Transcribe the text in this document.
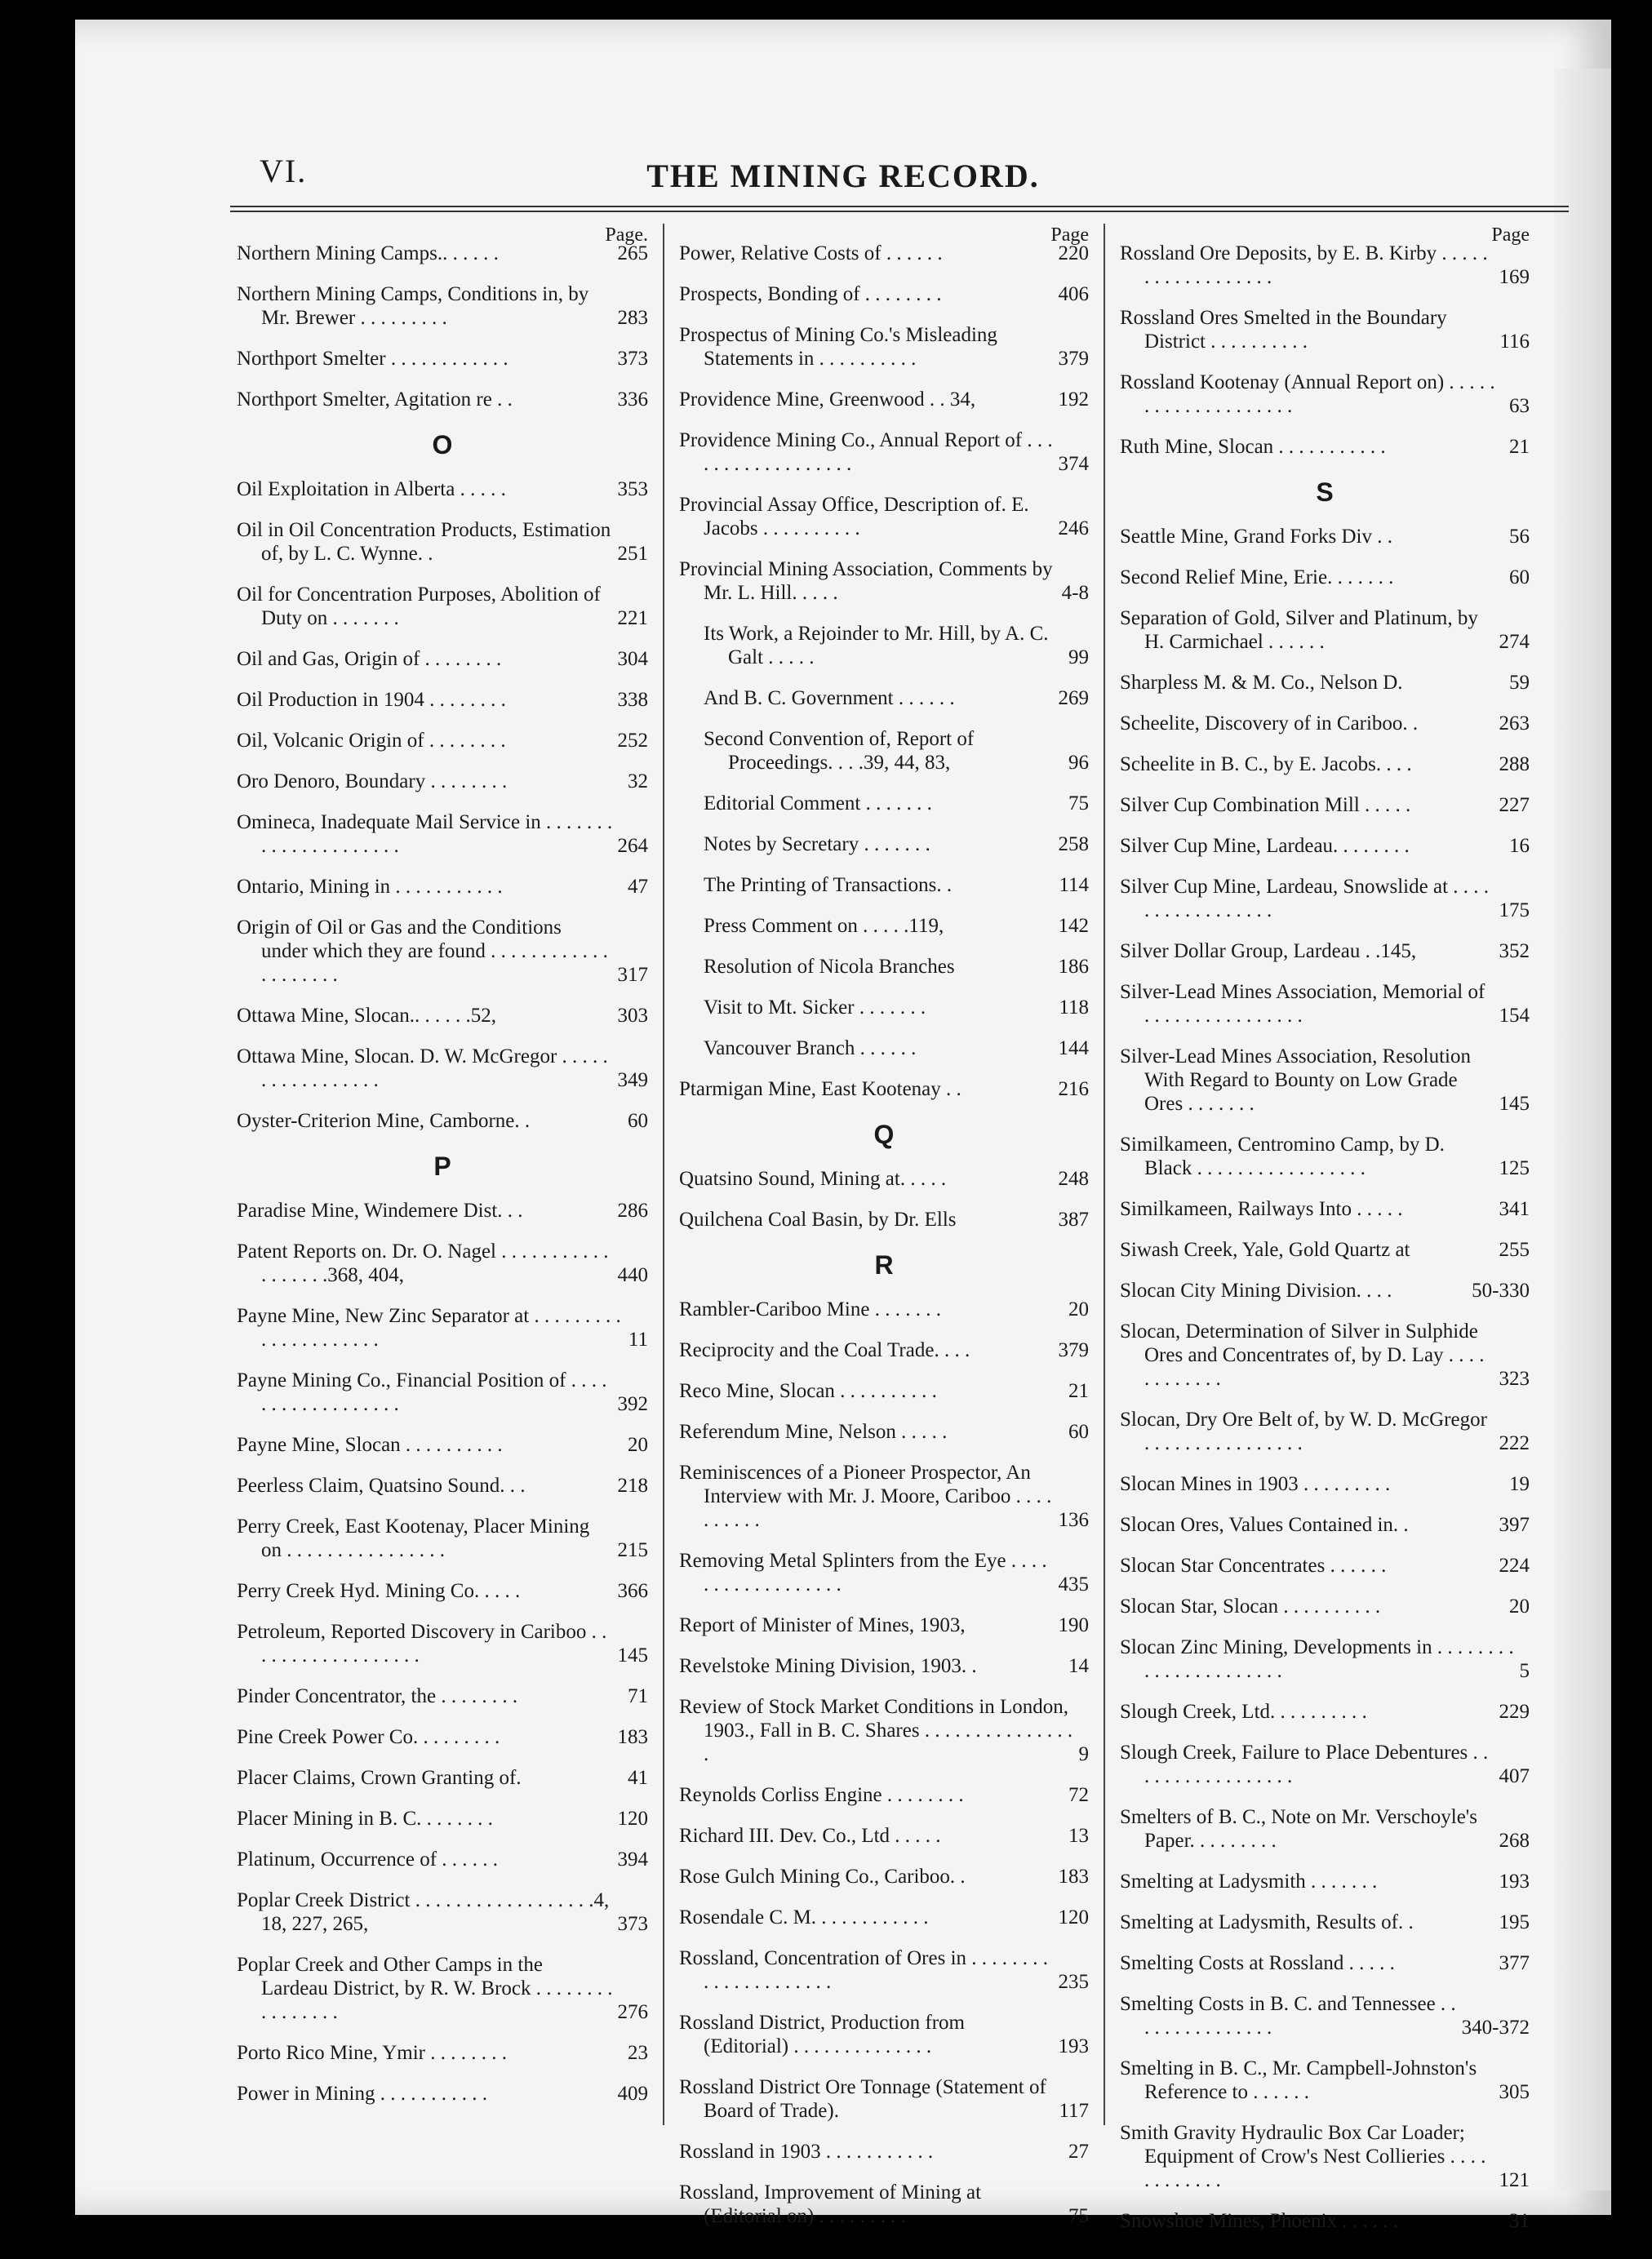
VI.	THE MINING RECORD.
Page.
Northern Mining Camps.. . . . . .	265
Northern Mining Camps, Conditions in, by Mr. Brewer . . . . . . . . .	283
Northport Smelter . . . . . . . . . . . .	373
Northport Smelter, Agitation re . .	336
O
Oil Exploitation in Alberta . . . . .	353
Oil in Oil Concentration Products, Estimation of, by L. C. Wynne. .	251
Oil for Concentration Purposes, Abolition of Duty on . . . . . . .	221
Oil and Gas, Origin of . . . . . . . .	304
Oil Production in 1904 . . . . . . . .	338
Oil, Volcanic Origin of . . . . . . . .	252
Oro Denoro, Boundary . . . . . . . .	32
Omineca, Inadequate Mail Service in . . . . . . . . . . . . . . . . . . . . .	264
Ontario, Mining in . . . . . . . . . . .	47
Origin of Oil or Gas and the Conditions under which they are found . . . . . . . . . . . . . . . . . . . .	317
Ottawa Mine, Slocan.. . . . . .52,	303
Ottawa Mine, Slocan. D. W. McGregor . . . . . . . . . . . . . . . . .	349
Oyster-Criterion Mine, Camborne. .	60
P
Paradise Mine, Windemere Dist. . .	286
Patent Reports on. Dr. O. Nagel . . . . . . . . . . . . . . . . . .368, 404,	440
Payne Mine, New Zinc Separator at . . . . . . . . . . . . . . . . . . . . .	11
Payne Mining Co., Financial Position of . . . . . . . . . . . . . . . . . .	392
Payne Mine, Slocan . . . . . . . . . .	20
Peerless Claim, Quatsino Sound. . .	218
Perry Creek, East Kootenay, Placer Mining on . . . . . . . . . . . . . . . .	215
Perry Creek Hyd. Mining Co. . . . .	366
Petroleum, Reported Discovery in Cariboo . . . . . . . . . . . . . . . . . .	145
Pinder Concentrator, the . . . . . . . .	71
Pine Creek Power Co. . . . . . . . .	183
Placer Claims, Crown Granting of.	41
Placer Mining in B. C. . . . . . . .	120
Platinum, Occurrence of . . . . . .	394
Poplar Creek District . . . . . . . . . . . . . . . . . .4, 18, 227, 265,	373
Poplar Creek and Other Camps in the Lardeau District, by R. W. Brock . . . . . . . . . . . . . . . .	276
Porto Rico Mine, Ymir . . . . . . . .	23
Power in Mining . . . . . . . . . . .	409
Page
Power, Relative Costs of . . . . . .	220
Prospects, Bonding of . . . . . . . .	406
Prospectus of Mining Co.'s Misleading Statements in . . . . . . . . . .	379
Providence Mine, Greenwood . . 34,	192
Providence Mining Co., Annual Report of . . . . . . . . . . . . . . . . . .	374
Provincial Assay Office, Description of. E. Jacobs . . . . . . . . . .	246
Provincial Mining Association, Comments by Mr. L. Hill. . . . .	4-8
Its Work, a Rejoinder to Mr. Hill, by A. C. Galt . . . . .	99
And B. C. Government . . . . . .	269
Second Convention of, Report of Proceedings. . . .39, 44, 83,	96
Editorial Comment . . . . . . .	75
Notes by Secretary . . . . . . .	258
The Printing of Transactions. .	114
Press Comment on . . . . .119,	142
Resolution of Nicola Branches	186
Visit to Mt. Sicker . . . . . . .	118
Vancouver Branch . . . . . .	144
Ptarmigan Mine, East Kootenay . .	216
Q
Quatsino Sound, Mining at. . . . .	248
Quilchena Coal Basin, by Dr. Ells	387
R
Rambler-Cariboo Mine . . . . . . .	20
Reciprocity and the Coal Trade. . . .	379
Reco Mine, Slocan . . . . . . . . . .	21
Referendum Mine, Nelson . . . . .	60
Reminiscences of a Pioneer Prospector, An Interview with Mr. J. Moore, Cariboo . . . . . . . . . .	136
Removing Metal Splinters from the Eye . . . . . . . . . . . . . . . . . .	435
Report of Minister of Mines, 1903,	190
Revelstoke Mining Division, 1903. .	14
Review of Stock Market Conditions in London, 1903., Fall in B. C. Shares . . . . . . . . . . . . . . . .	9
Reynolds Corliss Engine . . . . . . . .	72
Richard III. Dev. Co., Ltd . . . . .	13
Rose Gulch Mining Co., Cariboo. .	183
Rosendale C. M. . . . . . . . . . . .	120
Rossland, Concentration of Ores in . . . . . . . . . . . . . . . . . . . . .	235
Rossland District, Production from (Editorial) . . . . . . . . . . . . . .	193
Rossland District Ore Tonnage (Statement of Board of Trade).	117
Rossland in 1903 . . . . . . . . . . .	27
Rossland, Improvement of Mining at (Editorial on) . . . . . . . . .	75
Page
Rossland Ore Deposits, by E. B. Kirby . . . . . . . . . . . . . . . . . .	169
Rossland Ores Smelted in the Boundary District . . . . . . . . . .	116
Rossland Kootenay (Annual Report on) . . . . . . . . . . . . . . . . . . . .	63
Ruth Mine, Slocan . . . . . . . . . . .	21
S
Seattle Mine, Grand Forks Div . .	56
Second Relief Mine, Erie. . . . . . .	60
Separation of Gold, Silver and Platinum, by H. Carmichael . . . . . .	274
Sharpless M. & M. Co., Nelson D.	59
Scheelite, Discovery of in Cariboo. .	263
Scheelite in B. C., by E. Jacobs. . . .	288
Silver Cup Combination Mill . . . . .	227
Silver Cup Mine, Lardeau. . . . . . . .	16
Silver Cup Mine, Lardeau, Snowslide at . . . . . . . . . . . . . . . . .	175
Silver Dollar Group, Lardeau . .145,	352
Silver-Lead Mines Association, Memorial of . . . . . . . . . . . . . . . .	154
Silver-Lead Mines Association, Resolution With Regard to Bounty on Low Grade Ores . . . . . . .	145
Similkameen, Centromino Camp, by D. Black . . . . . . . . . . . . . . . . .	125
Similkameen, Railways Into . . . . .	341
Siwash Creek, Yale, Gold Quartz at	255
Slocan City Mining Division. . . .	50-330
Slocan, Determination of Silver in Sulphide Ores and Concentrates of, by D. Lay . . . . . . . . . . . .	323
Slocan, Dry Ore Belt of, by W. D. McGregor . . . . . . . . . . . . . . . .	222
Slocan Mines in 1903 . . . . . . . . .	19
Slocan Ores, Values Contained in. .	397
Slocan Star Concentrates . . . . . .	224
Slocan Star, Slocan . . . . . . . . . .	20
Slocan Zinc Mining, Developments in . . . . . . . . . . . . . . . . . . . . . .	5
Slough Creek, Ltd. . . . . . . . . .	229
Slough Creek, Failure to Place Debentures . . . . . . . . . . . . . . . . .	407
Smelters of B. C., Note on Mr. Verschoyle's Paper. . . . . . . . .	268
Smelting at Ladysmith . . . . . . .	193
Smelting at Ladysmith, Results of. .	195
Smelting Costs at Rossland . . . . .	377
Smelting Costs in B. C. and Tennessee . . . . . . . . . . . . . . .	340-372
Smelting in B. C., Mr. Campbell-Johnston's Reference to . . . . . .	305
Smith Gravity Hydraulic Box Car Loader; Equipment of Crow's Nest Collieries . . . . . . . . . . . .	121
Snowshoe Mines, Phoenix . . . . . .	31
